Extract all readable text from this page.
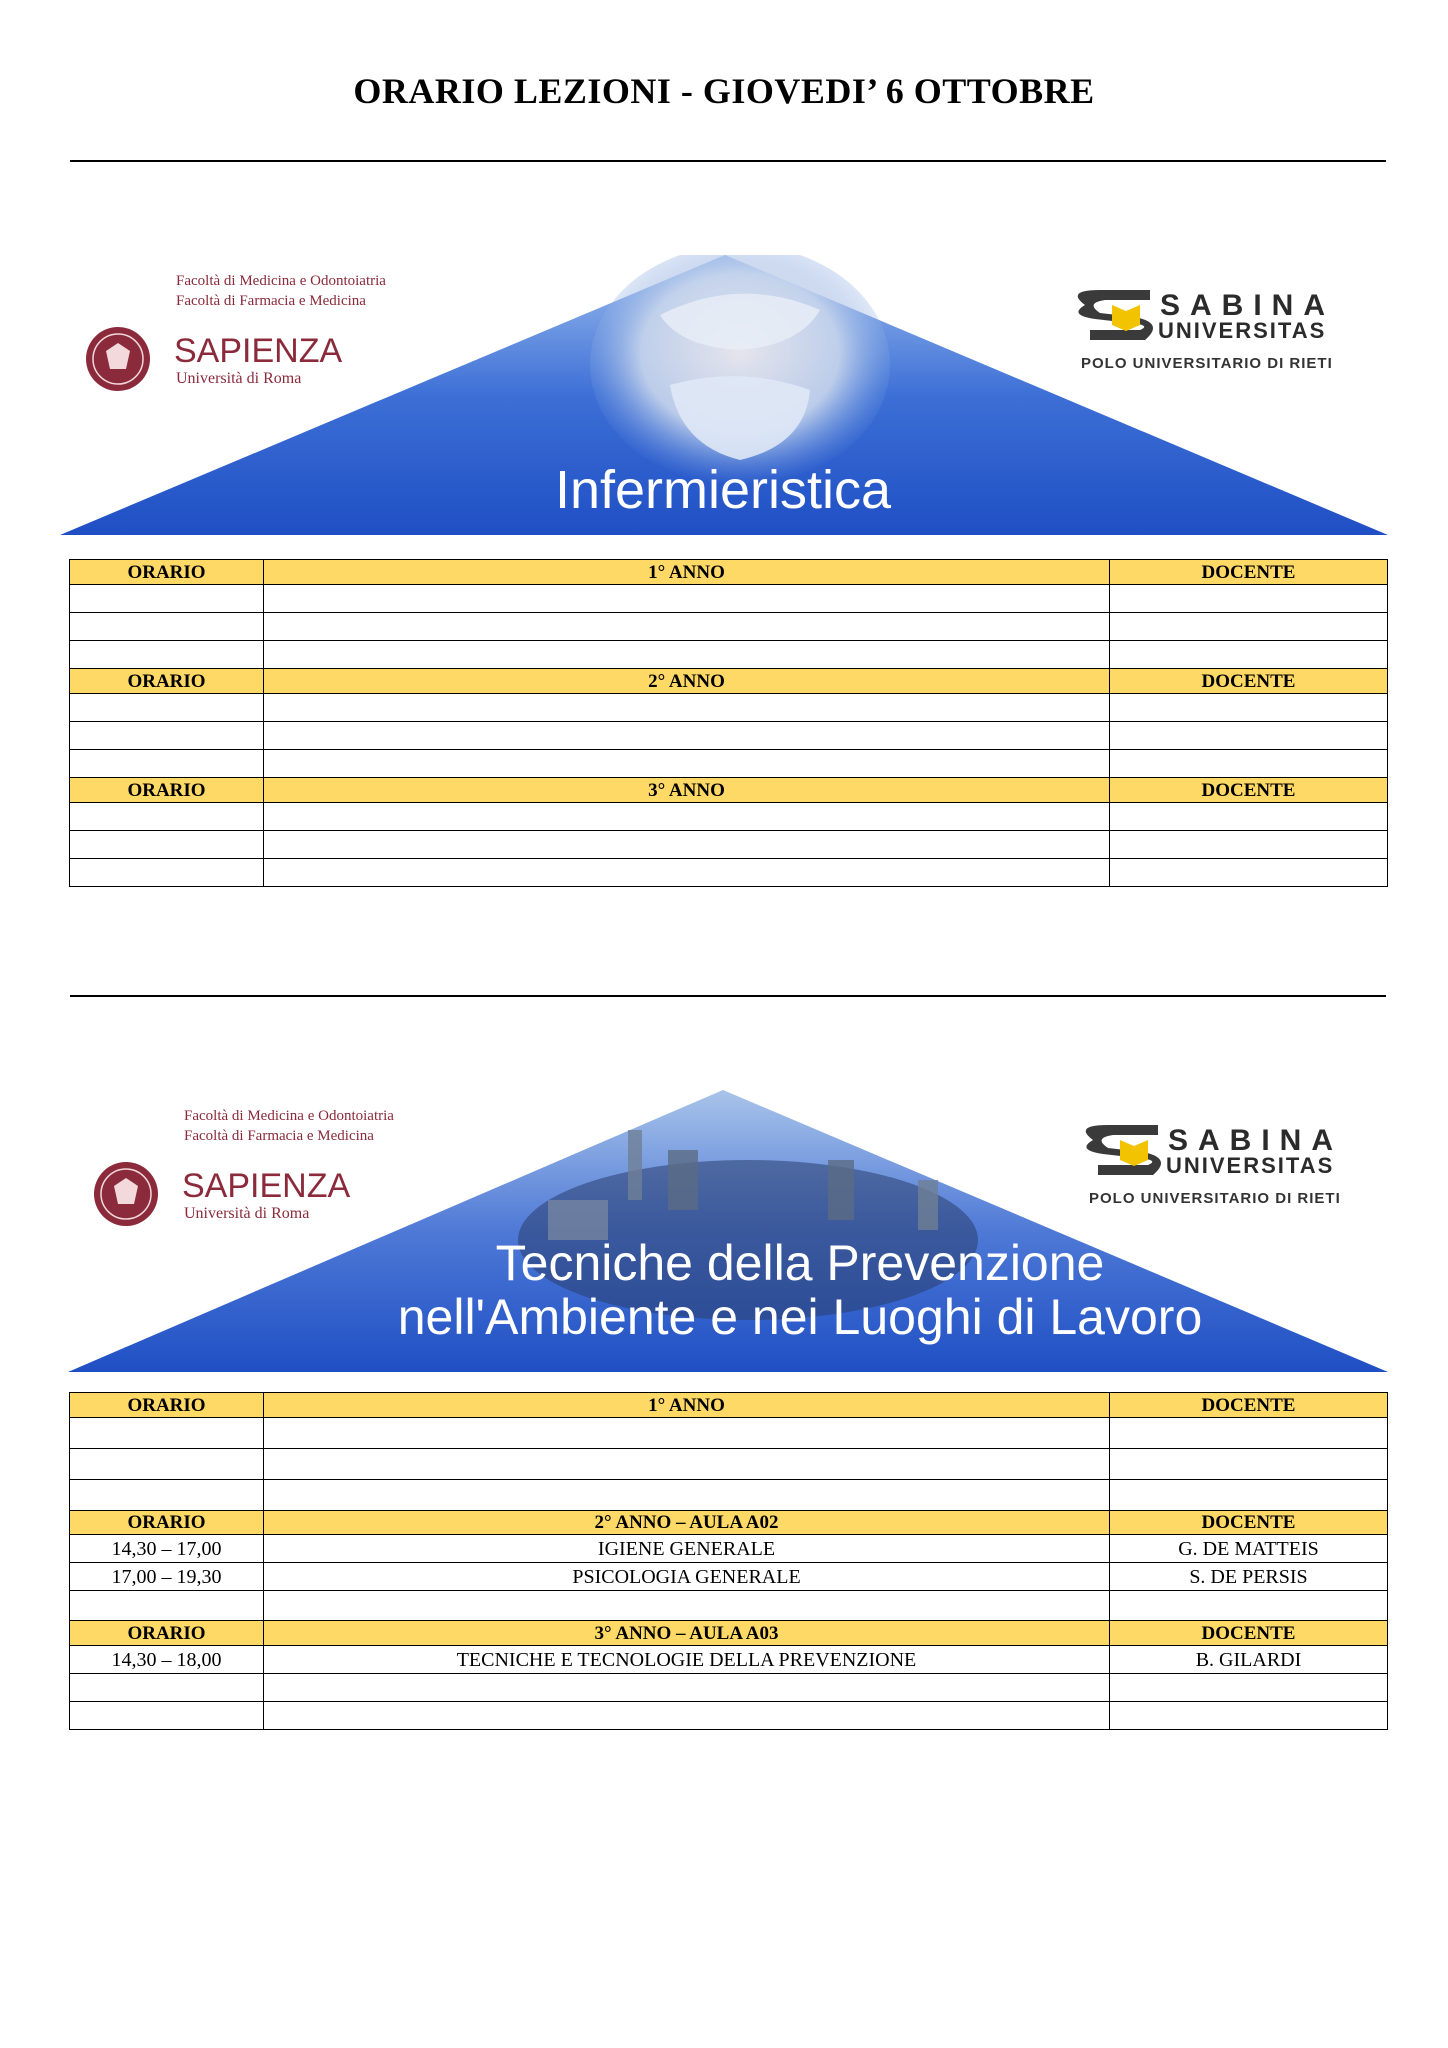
ORARIO LEZIONI - GIOVEDI’ 6 OTTOBRE
SABINA
UNIVERSITAS
POLO UNIVERSITARIO DI RIETI
Facoltà di Medicina e Odontoiatria
Facoltà di Farmacia e Medicina
SAPIENZA
Università di Roma
Infermieristica
ORARIO	1° ANNO	DOCENTE

ORARIO	2° ANNO	DOCENTE

ORARIO	3° ANNO	DOCENTE

SABINA
UNIVERSITAS
POLO UNIVERSITARIO DI RIETI
Facoltà di Medicina e Odontoiatria
Facoltà di Farmacia e Medicina
SAPIENZA
Università di Roma
Tecniche della Prevenzione
nell'Ambiente e nei Luoghi di Lavoro
ORARIO	1° ANNO	DOCENTE

ORARIO	2° ANNO – AULA A02	DOCENTE
14,30 – 17,00	IGIENE GENERALE	G. DE MATTEIS
17,00 – 19,30	PSICOLOGIA GENERALE	S. DE PERSIS

ORARIO	3° ANNO – AULA A03	DOCENTE
14,30 – 18,00	TECNICHE E TECNOLOGIE DELLA PREVENZIONE	B. GILARDI
